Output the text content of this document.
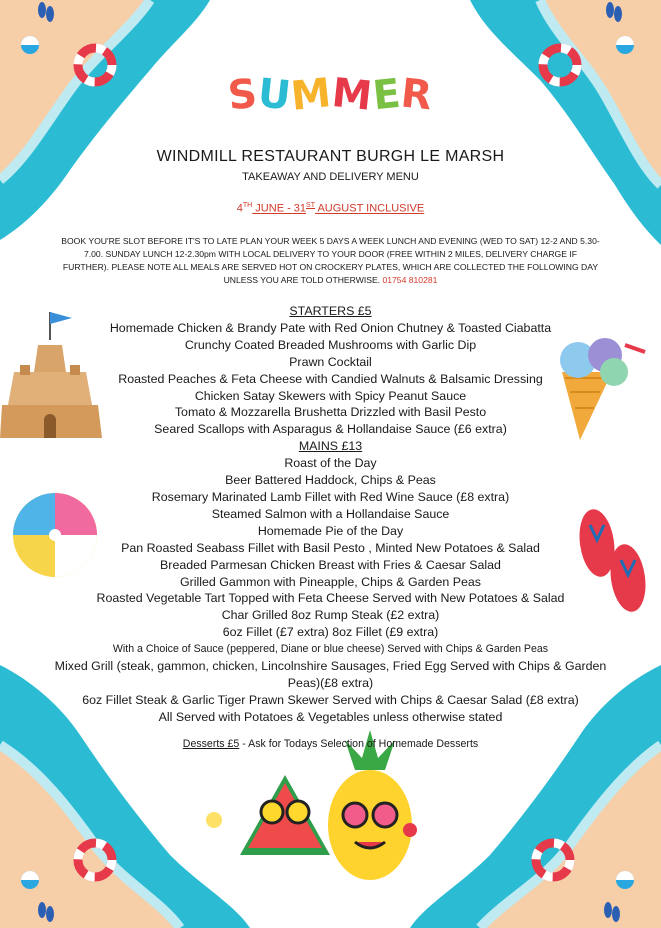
SUMMER
WINDMILL RESTAURANT BURGH LE MARSH
TAKEAWAY AND DELIVERY MENU
4TH JUNE - 31ST AUGUST INCLUSIVE
BOOK YOU'RE SLOT BEFORE IT'S TO LATE PLAN YOUR WEEK 5 DAYS A WEEK LUNCH AND EVENING (WED TO SAT) 12-2 AND 5.30-7.00. SUNDAY LUNCH 12-2.30pm WITH LOCAL DELIVERY TO YOUR DOOR (FREE WITHIN 2 MILES, DELIVERY CHARGE IF FURTHER). PLEASE NOTE ALL MEALS ARE SERVED HOT ON CROCKERY PLATES, WHICH ARE COLLECTED THE FOLLOWING DAY UNLESS YOU ARE TOLD OTHERWISE. 01754 810281
STARTERS £5
Homemade Chicken & Brandy Pate with Red Onion Chutney & Toasted Ciabatta
Crunchy Coated Breaded Mushrooms with Garlic Dip
Prawn Cocktail
Roasted Peaches & Feta Cheese with Candied Walnuts & Balsamic Dressing
Chicken Satay Skewers with Spicy Peanut Sauce
Tomato & Mozzarella Brushetta Drizzled with Basil Pesto
Seared Scallops with Asparagus & Hollandaise Sauce (£6 extra)
MAINS £13
Roast of the Day
Beer Battered Haddock, Chips & Peas
Rosemary Marinated Lamb Fillet with Red Wine Sauce (£8 extra)
Steamed Salmon with a Hollandaise Sauce
Homemade Pie of the Day
Pan Roasted Seabass Fillet with Basil Pesto , Minted New Potatoes & Salad
Breaded Parmesan Chicken Breast with Fries & Caesar Salad
Grilled Gammon with Pineapple, Chips & Garden Peas
Roasted Vegetable Tart Topped with Feta Cheese Served with New Potatoes & Salad
Char Grilled 8oz Rump Steak (£2 extra)
6oz Fillet (£7 extra) 8oz Fillet (£9 extra)
With a Choice of Sauce (peppered, Diane or blue cheese) Served with Chips & Garden Peas
Mixed Grill (steak, gammon, chicken, Lincolnshire Sausages, Fried Egg Served with Chips & Garden Peas)(£8 extra)
6oz Fillet Steak & Garlic Tiger Prawn Skewer Served with Chips & Caesar Salad (£8 extra)
All Served with Potatoes & Vegetables unless otherwise stated
Desserts £5 - Ask for Todays Selection of Homemade Desserts
